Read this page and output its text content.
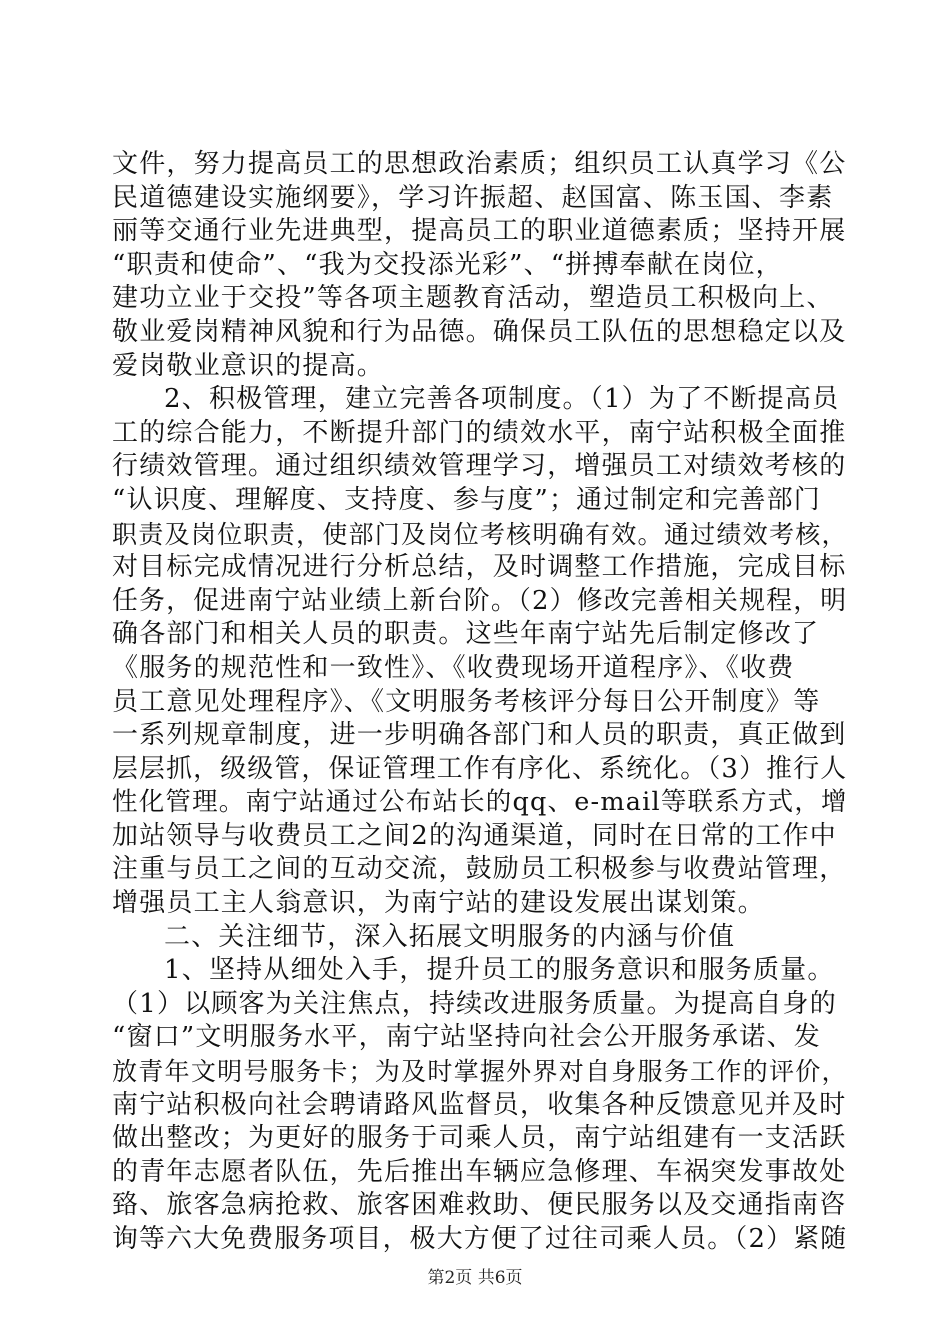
文件，努力提高员工的思想政治素质；组织员工认真学习《公
民道德建设实施纲要》，学习许振超、赵国富、陈玉国、李素
丽等交通行业先进典型，提高员工的职业道德素质；坚持开展
“职责和使命”、“我为交投添光彩”、“拼搏奉献在岗位，
建功立业于交投”等各项主题教育活动，塑造员工积极向上、
敬业爱岗精神风貌和行为品德。确保员工队伍的思想稳定以及
爱岗敬业意识的提高。
2、积极管理，建立完善各项制度。（1）为了不断提高员
工的综合能力，不断提升部门的绩效水平，南宁站积极全面推
行绩效管理。通过组织绩效管理学习，增强员工对绩效考核的
“认识度、理解度、支持度、参与度”；通过制定和完善部门
职责及岗位职责，使部门及岗位考核明确有效。通过绩效考核，
对目标完成情况进行分析总结，及时调整工作措施，完成目标
任务，促进南宁站业绩上新台阶。（2）修改完善相关规程，明
确各部门和相关人员的职责。这些年南宁站先后制定修改了
《服务的规范性和一致性》、《收费现场开道程序》、《收费
员工意见处理程序》、《文明服务考核评分每日公开制度》等
一系列规章制度，进一步明确各部门和人员的职责，真正做到
层层抓，级级管，保证管理工作有序化、系统化。（3）推行人
性化管理。南宁站通过公布站长的qq、e-mail等联系方式，增
加站领导与收费员工之间2的沟通渠道，同时在日常的工作中
注重与员工之间的互动交流，鼓励员工积极参与收费站管理，
增强员工主人翁意识，为南宁站的建设发展出谋划策。
二、关注细节，深入拓展文明服务的内涵与价值
1、坚持从细处入手，提升员工的服务意识和服务质量。
（1）以顾客为关注焦点，持续改进服务质量。为提高自身的
“窗口”文明服务水平，南宁站坚持向社会公开服务承诺、发
放青年文明号服务卡；为及时掌握外界对自身服务工作的评价，
南宁站积极向社会聘请路风监督员，收集各种反馈意见并及时
做出整改；为更好的服务于司乘人员，南宁站组建有一支活跃
的青年志愿者队伍，先后推出车辆应急修理、车祸突发事故处
臵、旅客急病抢救、旅客困难救助、便民服务以及交通指南咨
询等六大免费服务项目，极大方便了过往司乘人员。（2）紧随
第2页 共6页
